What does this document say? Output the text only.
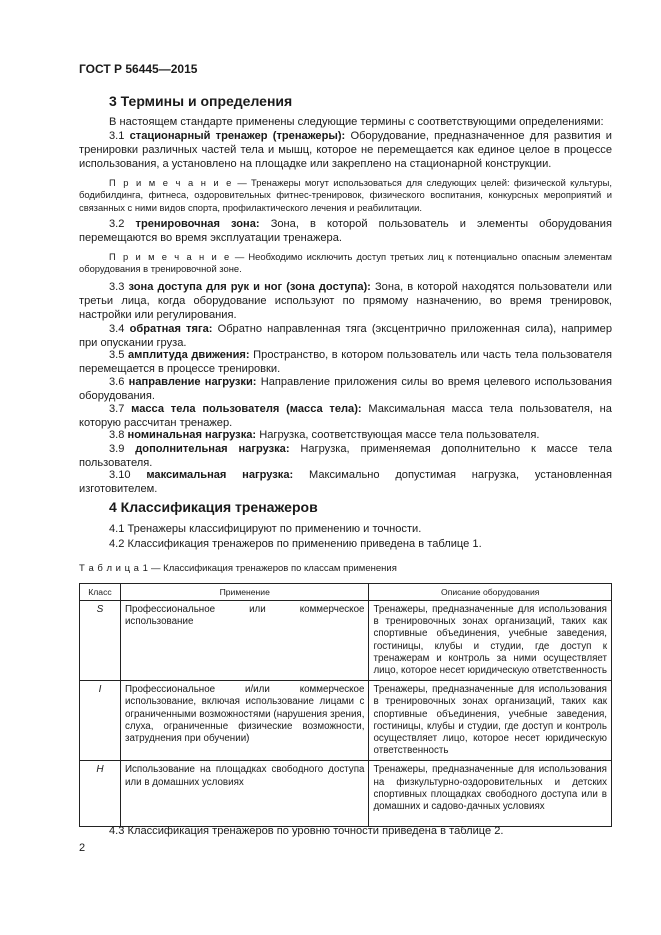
ГОСТ Р 56445—2015
3 Термины и определения
В настоящем стандарте применены следующие термины с соответствующими определениями:
3.1 стационарный тренажер (тренажеры): Оборудование, предназначенное для развития и тренировки различных частей тела и мышц, которое не перемещается как единое целое в процессе использования, а установлено на площадке или закреплено на стационарной конструкции.
П р и м е ч а н и е — Тренажеры могут использоваться для следующих целей: физической культуры, бодибилдинга, фитнеса, оздоровительных фитнес-тренировок, физического воспитания, конкурсных мероприятий и связанных с ними видов спорта, профилактического лечения и реабилитации.
3.2 тренировочная зона: Зона, в которой пользователь и элементы оборудования перемещаются во время эксплуатации тренажера.
П р и м е ч а н и е — Необходимо исключить доступ третьих лиц к потенциально опасным элементам оборудования в тренировочной зоне.
3.3 зона доступа для рук и ног (зона доступа): Зона, в которой находятся пользователи или третьи лица, когда оборудование используют по прямому назначению, во время тренировок, настройки или регулирования.
3.4 обратная тяга: Обратно направленная тяга (эксцентрично приложенная сила), например при опускании груза.
3.5 амплитуда движения: Пространство, в котором пользователь или часть тела пользователя перемещается в процессе тренировки.
3.6 направление нагрузки: Направление приложения силы во время целевого использования оборудования.
3.7 масса тела пользователя (масса тела): Максимальная масса тела пользователя, на которую рассчитан тренажер.
3.8 номинальная нагрузка: Нагрузка, соответствующая массе тела пользователя.
3.9 дополнительная нагрузка: Нагрузка, применяемая дополнительно к массе тела пользователя.
3.10 максимальная нагрузка: Максимально допустимая нагрузка, установленная изготовителем.
4 Классификация тренажеров
4.1 Тренажеры классифицируют по применению и точности.
4.2 Классификация тренажеров по применению приведена в таблице 1.
Т а б л и ц а 1 — Классификация тренажеров по классам применения
Класс	Применение	Описание оборудования
S	Профессиональное или коммерческое использование	Тренажеры, предназначенные для использования в тренировочных зонах организаций, таких как спортивные объединения, учебные заведения, гостиницы, клубы и студии, где доступ к тренажерам и контроль за ними осуществляет лицо, которое несет юридическую ответственность
I	Профессиональное и/или коммерческое использование, включая использование лицами с ограниченными возможностями (нарушения зрения, слуха, ограниченные физические возможности, затруднения при обучении)	Тренажеры, предназначенные для использования в тренировочных зонах организаций, таких как спортивные объединения, учебные заведения, гостиницы, клубы и студии, где доступ и контроль осуществляет лицо, которое несет юридическую ответственность
H	Использование на площадках свободного доступа или в домашних условиях	Тренажеры, предназначенные для использования на физкультурно-оздоровительных и детских спортивных площадках свободного доступа или в домашних и садово-дачных условиях
4.3 Классификация тренажеров по уровню точности приведена в таблице 2.
2
